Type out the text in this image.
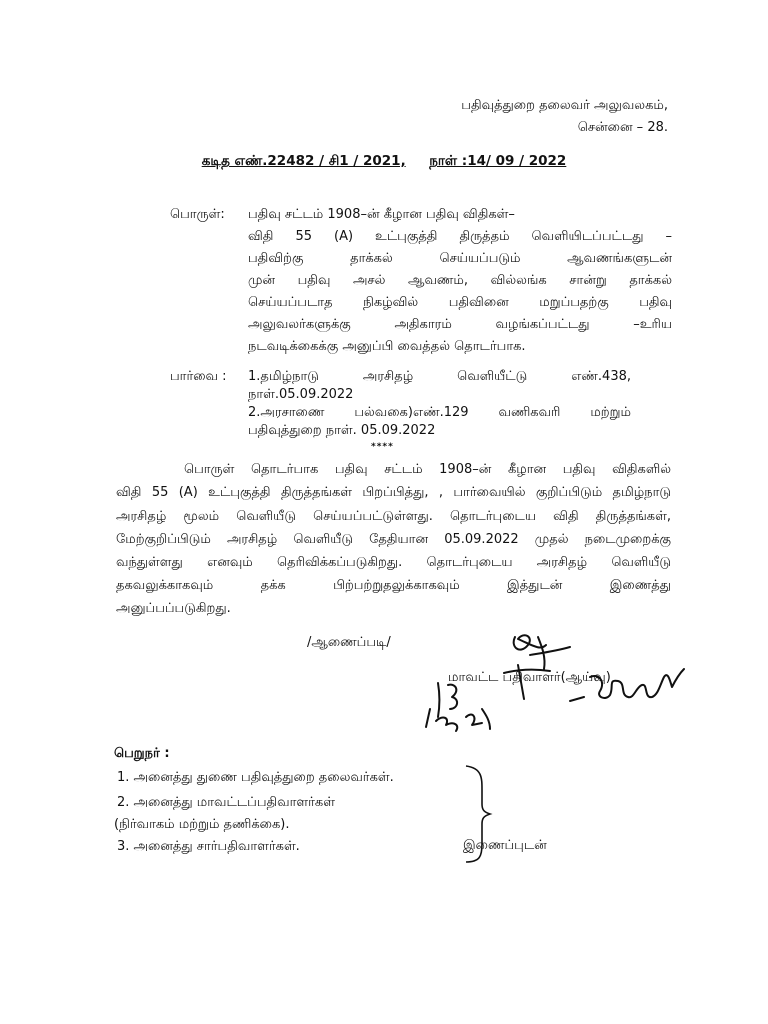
பதிவுத்துறை தலைவர் அலுவலகம்,
சென்னை – 28.
கடித எண்.22482 / சி1 / 2021, நாள் :14/ 09 / 2022
பொருள்: பதிவு சட்டம் 1908–ன் கீழான பதிவு விதிகள்–
விதி 55 (A) உட்புகுத்தி திருத்தம் வெளியிடப்பட்டது –
பதிவிற்கு தாக்கல் செய்யப்படும் ஆவணங்களுடன்
முன் பதிவு அசல் ஆவணம், வில்லங்க சான்று தாக்கல்
செய்யப்படாத நிகழ்வில் பதிவினை மறுப்பதற்கு பதிவு
அலுவலர்களுக்கு அதிகாரம் வழங்கப்பட்டது –உரிய
நடவடிக்கைக்கு அனுப்பி வைத்தல் தொடர்பாக.
பார்வை : 1.தமிழ்நாடு அரசிதழ் வெளியீட்டு எண்.438,
நாள்.05.09.2022
2.அரசாணை பல்வகை)எண்.129 வணிகவரி மற்றும்
பதிவுத்துறை நாள். 05.09.2022
****
பொருள் தொடர்பாக பதிவு சட்டம் 1908–ன் கீழான பதிவு விதிகளில்
விதி 55 (A) உட்புகுத்தி திருத்தங்கள் பிறப்பித்து, , பார்வையில் குறிப்பிடும் தமிழ்நாடு
அரசிதழ் மூலம் வெளியீடு செய்யப்பட்டுள்ளது. தொடர்புடைய விதி திருத்தங்கள்,
மேற்குறிப்பிடும் அரசிதழ் வெளியீடு தேதியான 05.09.2022 முதல் நடைமுறைக்கு
வந்துள்ளது எனவும் தெரிவிக்கப்படுகிறது. தொடர்புடைய அரசிதழ் வெளியீடு
தகவலுக்காகவும் தக்க பிற்பற்றுதலுக்காகவும் இத்துடன் இணைத்து
அனுப்பப்படுகிறது.
/ஆணைப்படி/
மாவட்ட பதிவாளர்(ஆய்வு)
பெறுநர் :
1. அனைத்து துணை பதிவுத்துறை தலைவர்கள்.
2. அனைத்து மாவட்டப்பதிவாளர்கள்
(நிர்வாகம் மற்றும் தணிக்கை).
3. அனைத்து சார்பதிவாளர்கள்.	இணைப்புடன்
